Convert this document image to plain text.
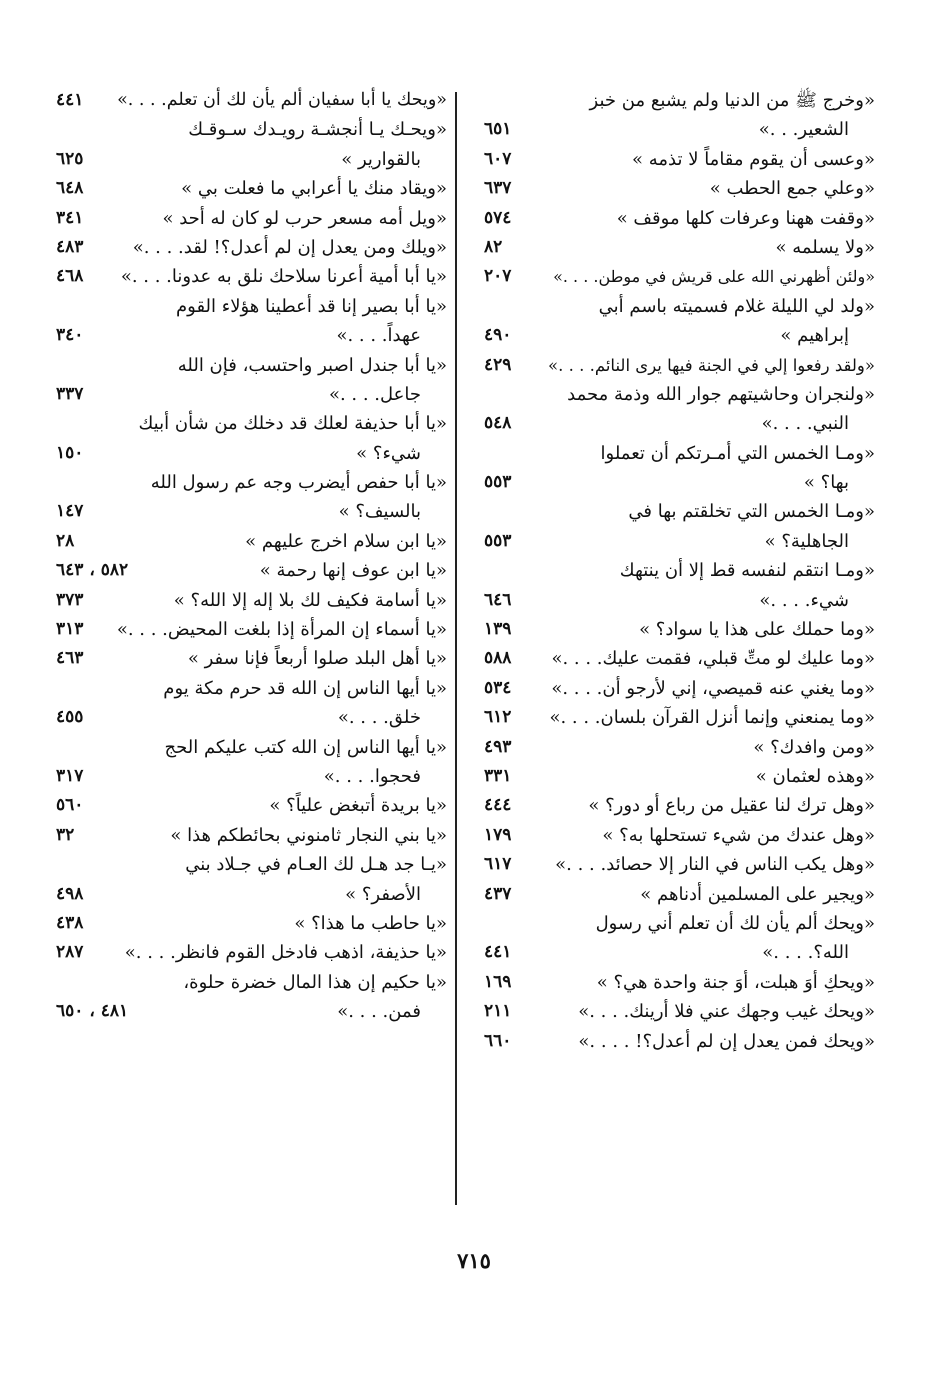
«وخرج ﷺ من الدنيا ولم يشبع من خبز
الشعير. . .»
٦٥١
«وعسى أن يقوم مقاماً لا تذمه »
٦٠٧
«وعلي جمع الحطب »
٦٣٧
«وقفت ههنا وعرفات كلها موقف »
٥٧٤
«ولا يسلمه »
٨٢
«ولئن أظهرني الله على قريش في موطن. . . .»
٢٠٧
«ولد لي الليلة غلام فسميته باسم أبي
إبراهيم »
٤٩٠
«ولقد رفعوا إلي في الجنة فيها يرى النائم. . . .»
٤٢٩
«ولنجران وحاشيتهم جوار الله وذمة محمد
النبي. . . .»
٥٤٨
«ومـا الخمس التي أمـرتكم أن تعملوا
بها؟ »
٥٥٣
«ومـا الخمس التي تخلقتم بها في
الجاهلية؟ »
٥٥٣
«ومـا انتقم لنفسه قط إلا أن ينتهك
شيء. . . .»
٦٤٦
«وما حملك على هذا يا سواد؟ »
١٣٩
«وما عليك لو متِّ قبلي، فقمت عليك. . . .»
٥٨٨
«وما يغني عنه قميصي، إني لأرجو أن. . . .»
٥٣٤
«وما يمنعني وإنما أنزل القرآن بلسان. . . .»
٦١٢
«ومن وافدك؟ »
٤٩٣
«وهذه لعثمان »
٣٣١
«وهل ترك لنا عقيل من رباع أو دور؟ »
٤٤٤
«وهل عندك من شيء تستحلها به؟ »
١٧٩
«وهل يكب الناس في النار إلا حصائد. . . .»
٦١٧
«ويجير على المسلمين أدناهم »
٤٣٧
«ويحك ألم يأن لك أن تعلم أني رسول
الله؟. . . .»
٤٤١
«ويحكِ أوَ هبلت، أوَ جنة واحدة هي؟ »
١٦٩
«ويحك غيب وجهك عني فلا أرينك. . . .»
٢١١
«ويحك فمن يعدل إن لم أعدل؟! . . . .»
٦٦٠
«ويحك يا أبا سفيان ألم يأن لك أن تعلم. . . .»
٤٤١
«ويحـك يـا أنجشـة رويـدك سـوقـك
بالقوارير »
٦٢٥
«ويقاد منك يا أعرابي ما فعلت بي »
٦٤٨
«ويل أمه مسعر حرب لو كان له أحد »
٣٤١
«ويلك ومن يعدل إن لم أعدل؟! لقد. . . .»
٤٨٣
«يا أبا أمية أعرنا سلاحك نلق به عدونا. . . .»
٤٦٨
«يا أبا بصير إنا قد أعطينا هؤلاء القوم
عهداً. . . .»
٣٤٠
«يا أبا جندل اصبر واحتسب، فإن الله
جاعل. . . .»
٣٣٧
«يا أبا حذيفة لعلك قد دخلك من شأن أبيك
شيء؟ »
١٥٠
«يا أبا حفص أيضرب وجه عم رسول الله
بالسيف؟ »
١٤٧
«يا ابن سلام اخرج عليهم »
٢٨
«يا ابن عوف إنها رحمة »
٥٨٢ ، ٦٤٣
«يا أسامة فكيف لك بلا إله إلا الله؟ »
٣٧٣
«يا أسماء إن المرأة إذا بلغت المحيض. . . .»
٣١٣
«يا أهل البلد صلوا أربعاً فإنا سفر »
٤٦٣
«يا أيها الناس إن الله قد حرم مكة يوم
خلق. . . .»
٤٥٥
«يا أيها الناس إن الله كتب عليكم الحج
فحجوا. . . .»
٣١٧
«يا بريدة أتبغض علياً؟ »
٥٦٠
«يا بني النجار ثامنوني بحائطكم هذا »
٣٢
«يـا جد هـل لك العـام في جـلاد بني
الأصفر؟ »
٤٩٨
«يا حاطب ما هذا؟ »
٤٣٨
«يا حذيفة، اذهب فادخل القوم فانظر. . . .»
٢٨٧
«يا حكيم إن هذا المال خضرة حلوة،
فمن. . . .»
٤٨١ ، ٦٥٠
٧١٥
